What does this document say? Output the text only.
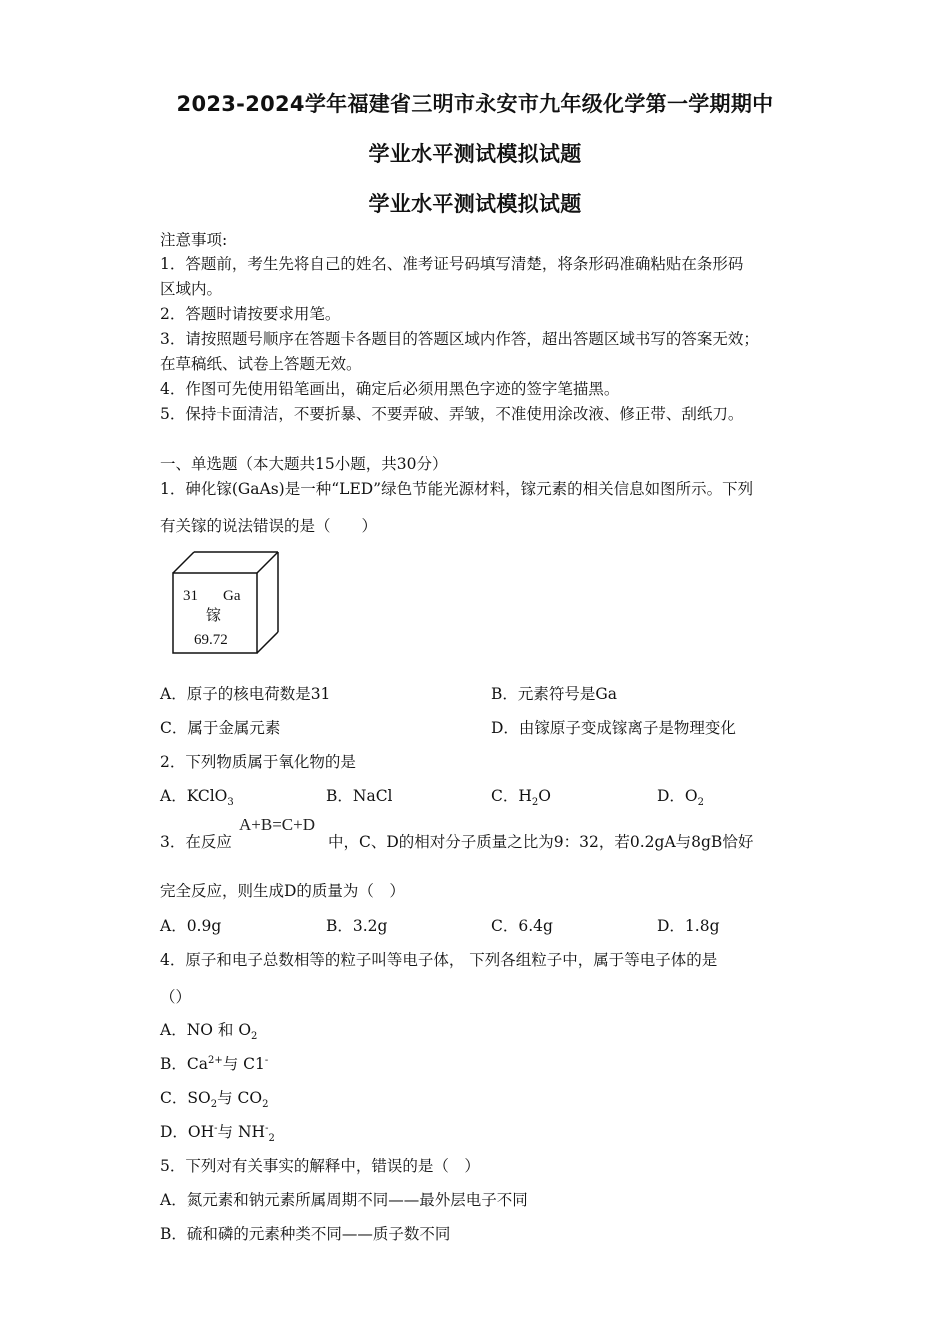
2023-2024学年福建省三明市永安市九年级化学第一学期期中
学业水平测试模拟试题
学业水平测试模拟试题
注意事项:
1．答题前，考生先将自己的姓名、准考证号码填写清楚，将条形码准确粘贴在条形码
区域内。
2．答题时请按要求用笔。
3．请按照题号顺序在答题卡各题目的答题区域内作答，超出答题区域书写的答案无效；
在草稿纸、试卷上答题无效。
4．作图可先使用铅笔画出，确定后必须用黑色字迹的签字笔描黑。
5．保持卡面清洁，不要折暴、不要弄破、弄皱，不准使用涂改液、修正带、刮纸刀。
一、单选题（本大题共15小题，共30分）
1．砷化镓(GaAs)是一种“LED”绿色节能光源材料，镓元素的相关信息如图所示。下列
有关镓的说法错误的是（　　）
31 Ga
镓
69.72
A．原子的核电荷数是31	B．元素符号是Ga
C．属于金属元素	D．由镓原子变成镓离子是物理变化
2．下列物质属于氧化物的是
A．KClO$_3$	B．NaCl	C．$H_2O$	D．$O_2$
3．在反应
A+B=C+D
中，C、D的相对分子质量之比为9：32，若0.2gA与8gB恰好
完全反应，则生成D的质量为（　）
A．0.9g	B．3.2g	C．6.4g	D．1.8g
4．原子和电子总数相等的粒子叫等电子体， 下列各组粒子中，属于等电子体的是
（）
A．NO 和 $O_2$
B．$Ca^{2+}$与 C1-
C．$SO_2$与 $CO_2$
D．OH-与 $NH^-_2$
5．下列对有关事实的解释中，错误的是（　）
A．氮元素和钠元素所属周期不同——最外层电子不同
B．硫和磷的元素种类不同——质子数不同
